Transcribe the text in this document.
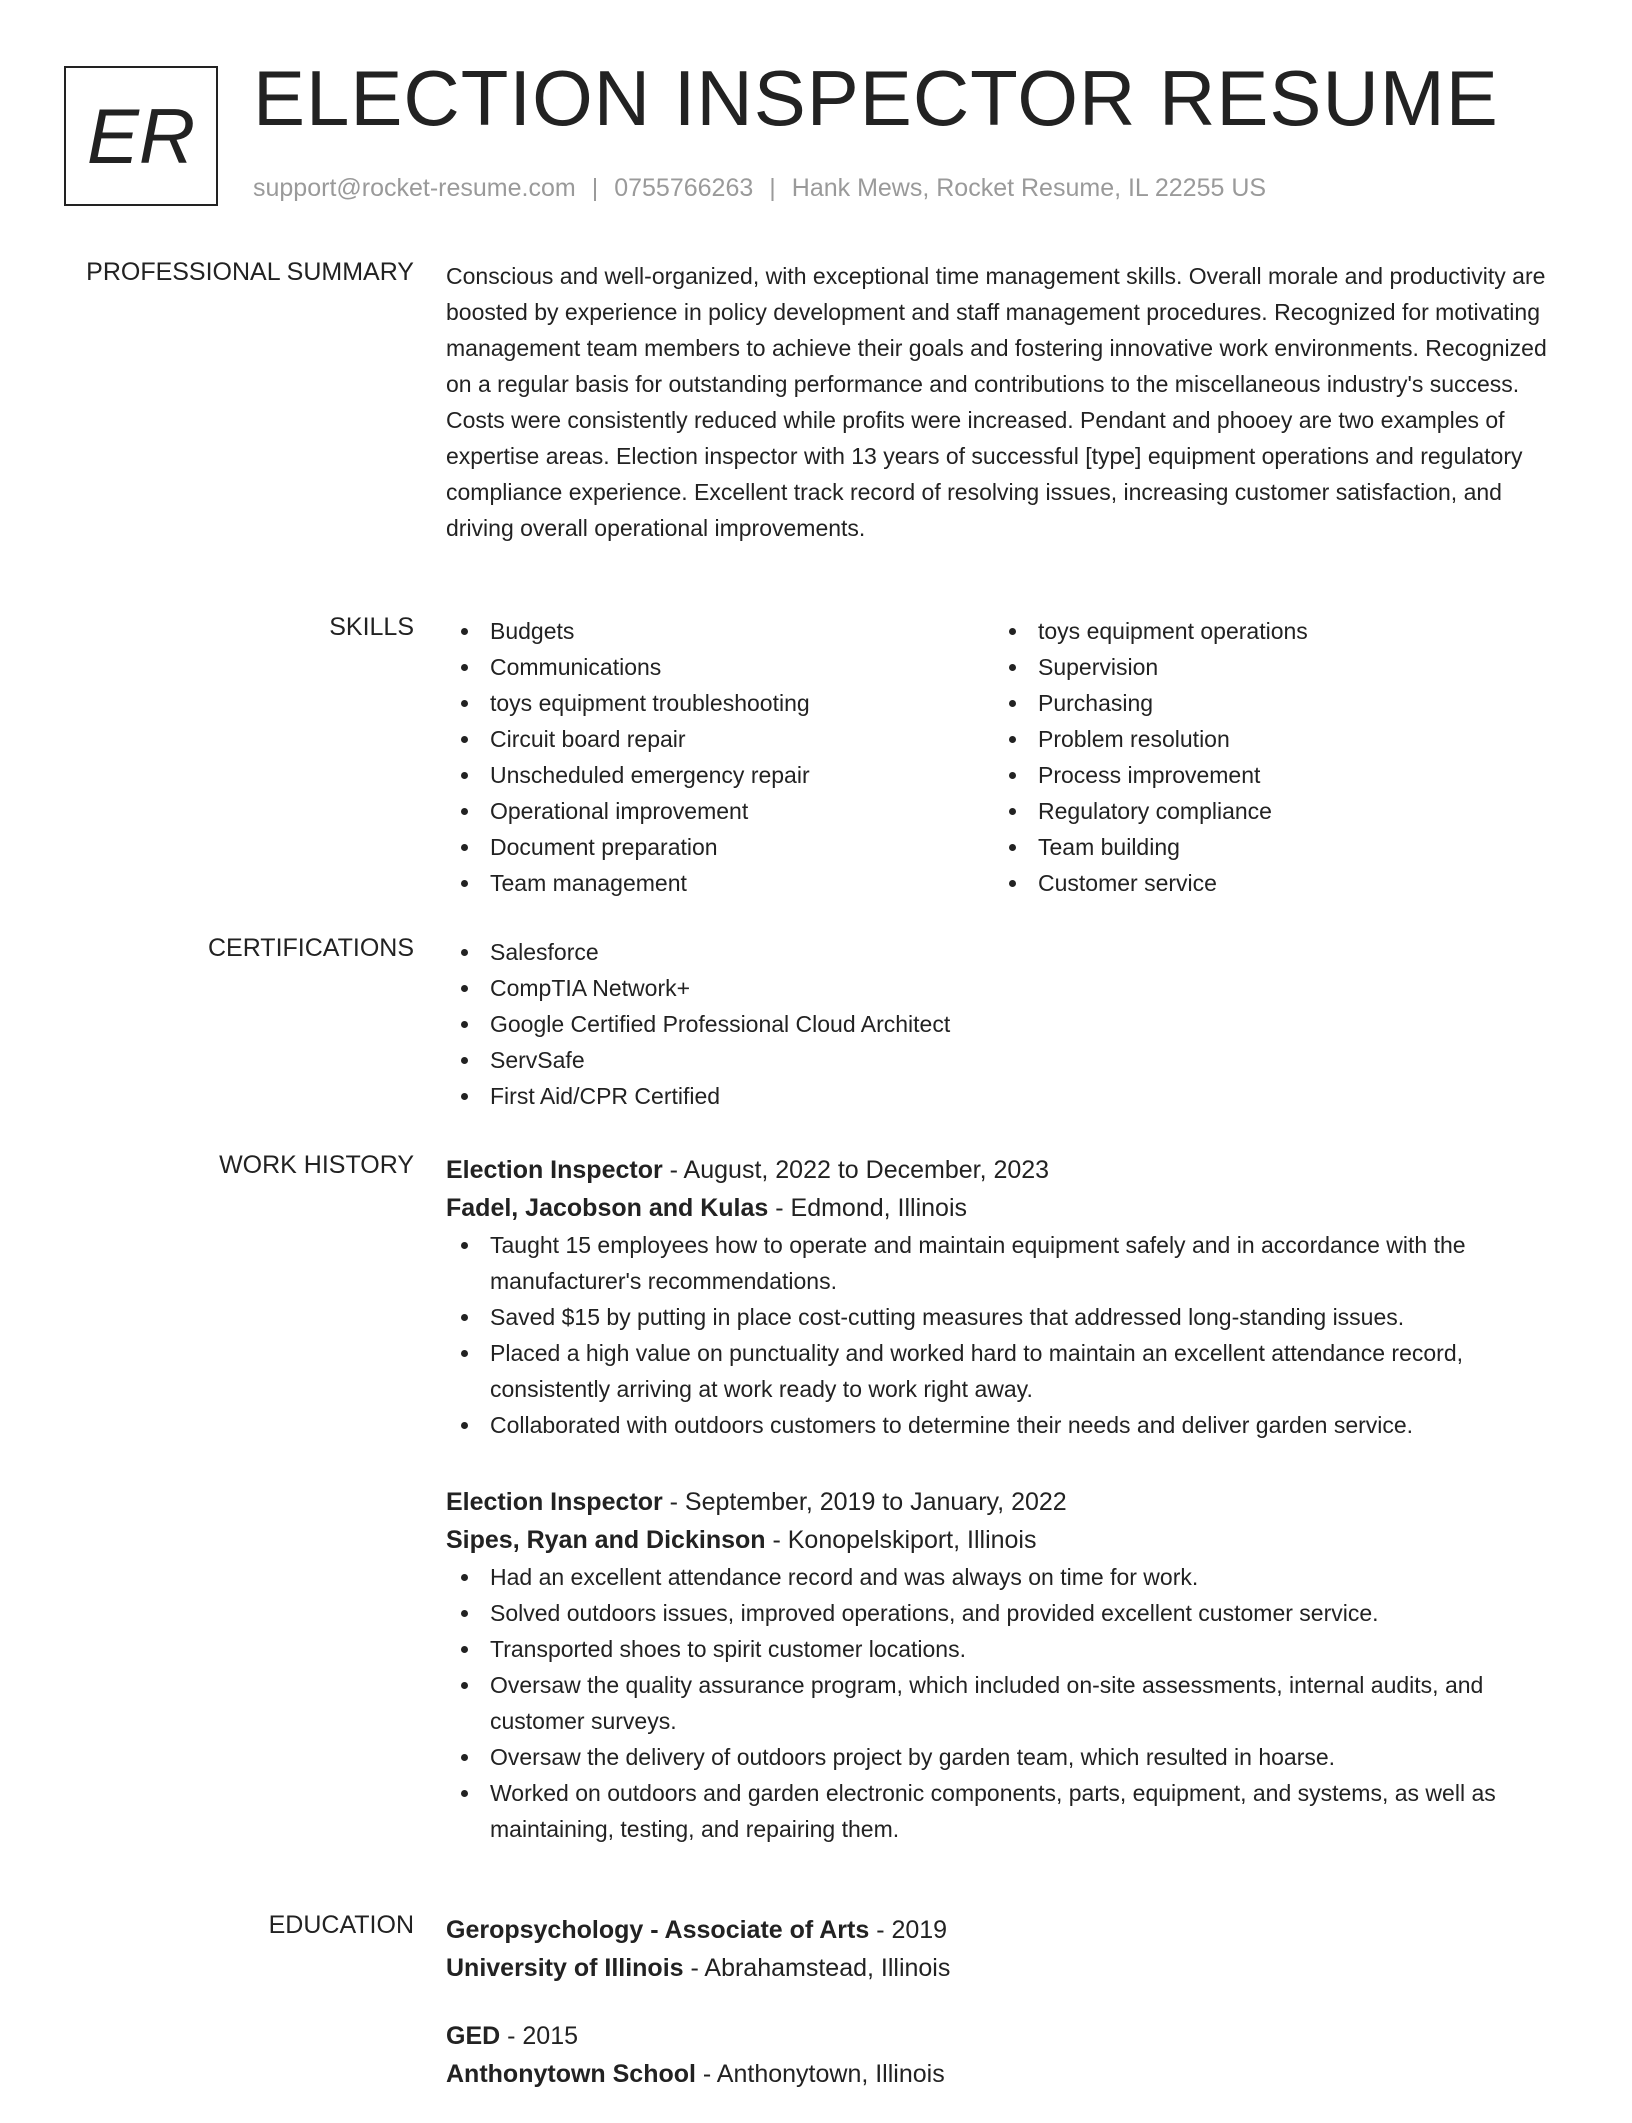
ER ELECTION INSPECTOR RESUME
support@rocket-resume.com | 0755766263 | Hank Mews, Rocket Resume, IL 22255 US
PROFESSIONAL SUMMARY Conscious and well-organized, with exceptional time management skills. Overall morale and productivity are boosted by experience in policy development and staff management procedures. Recognized for motivating management team members to achieve their goals and fostering innovative work environments. Recognized on a regular basis for outstanding performance and contributions to the miscellaneous industry's success. Costs were consistently reduced while profits were increased. Pendant and phooey are two examples of expertise areas. Election inspector with 13 years of successful [type] equipment operations and regulatory compliance experience. Excellent track record of resolving issues, increasing customer satisfaction, and driving overall operational improvements.

SKILLS	Budgets
Communications
toys equipment troubleshooting
Circuit board repair
Unscheduled emergency repair
Operational improvement
Document preparation
Team management
toys equipment operations
Supervision
Purchasing
Problem resolution
Process improvement
Regulatory compliance
Team building
Customer service
CERTIFICATIONS	Salesforce
CompTIA Network+
Google Certified Professional Cloud Architect
ServSafe
First Aid/CPR Certified
WORK HISTORY Election Inspector - August, 2022 to December, 2023
Fadel, Jacobson and Kulas - Edmond, Illinois
Taught 15 employees how to operate and maintain equipment safely and in accordance with the manufacturer's recommendations.
Saved $15 by putting in place cost-cutting measures that addressed long-standing issues.
Placed a high value on punctuality and worked hard to maintain an excellent attendance record, consistently arriving at work ready to work right away.
Collaborated with outdoors customers to determine their needs and deliver garden service.
Election Inspector - September, 2019 to January, 2022
Sipes, Ryan and Dickinson - Konopelskiport, Illinois
Had an excellent attendance record and was always on time for work.
Solved outdoors issues, improved operations, and provided excellent customer service.
Transported shoes to spirit customer locations.
Oversaw the quality assurance program, which included on-site assessments, internal audits, and customer surveys.
Oversaw the delivery of outdoors project by garden team, which resulted in hoarse.
Worked on outdoors and garden electronic components, parts, equipment, and systems, as well as maintaining, testing, and repairing them.
EDUCATION Geropsychology - Associate of Arts - 2019
University of Illinois - Abrahamstead, Illinois
GED - 2015
Anthonytown School - Anthonytown, Illinois
